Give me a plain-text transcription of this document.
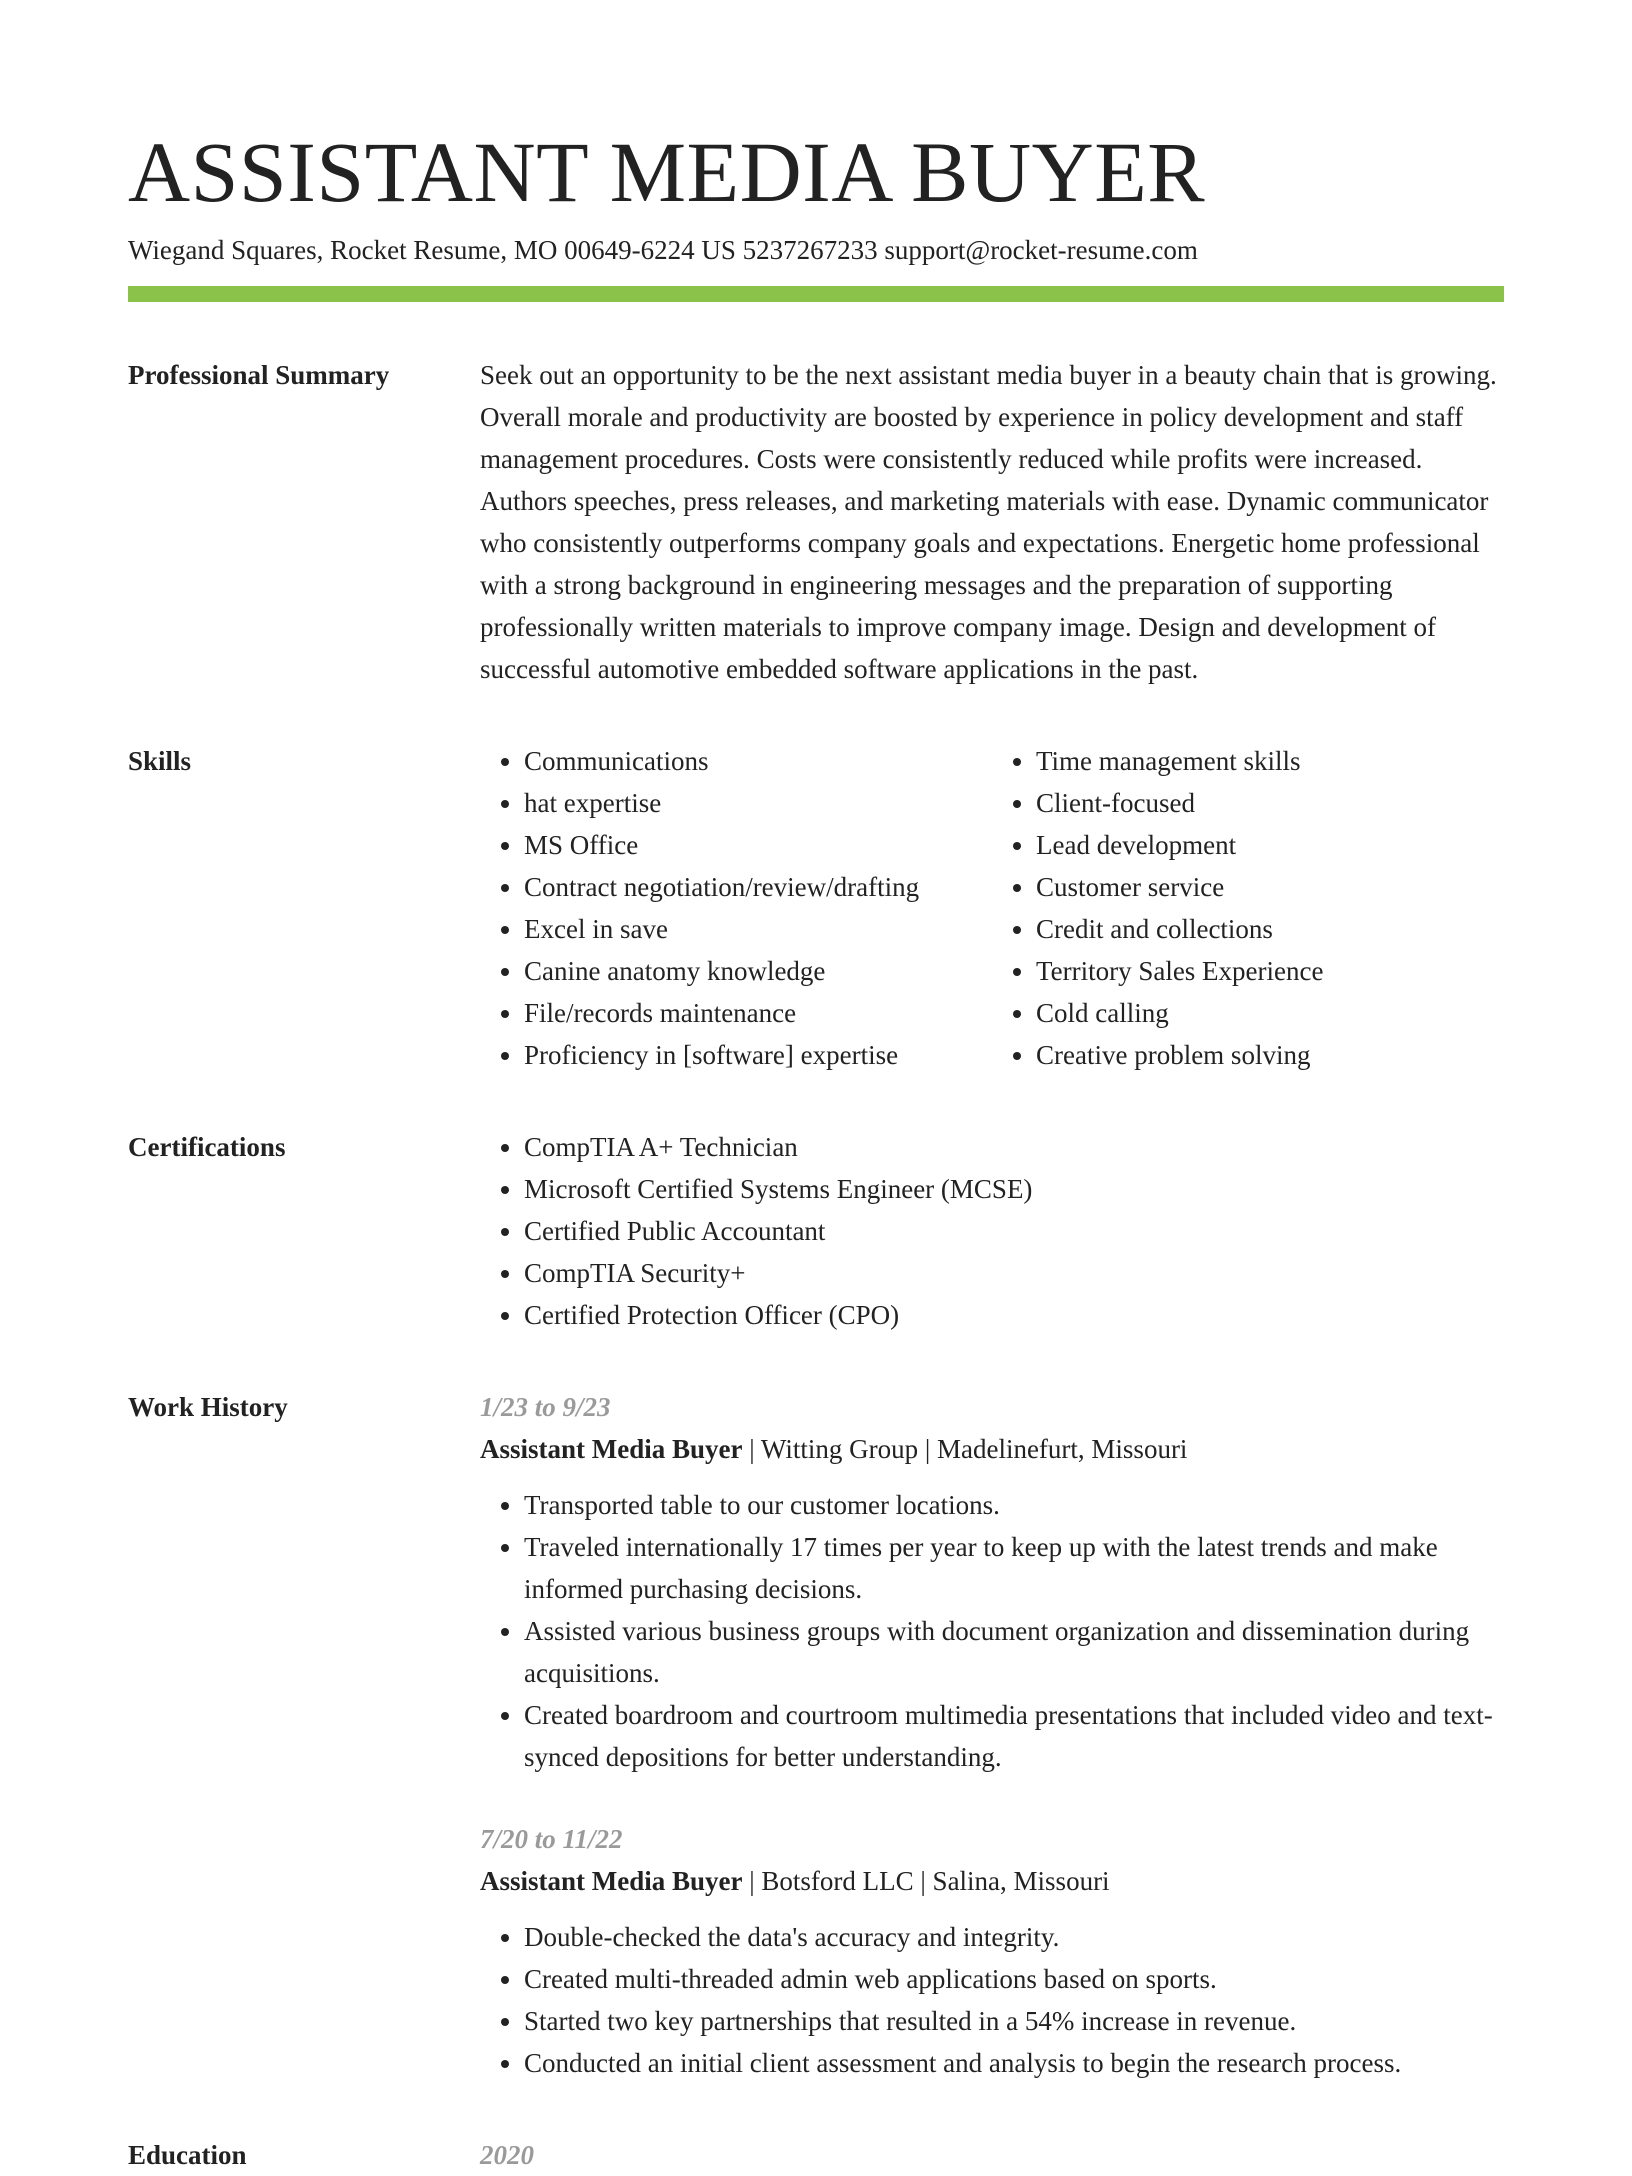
ASSISTANT MEDIA BUYER
Wiegand Squares, Rocket Resume, MO 00649-6224 US 5237267233 support@rocket-resume.com
Professional Summary	Seek out an opportunity to be the next assistant media buyer in a beauty chain that is growing. Overall morale and productivity are boosted by experience in policy development and staff management procedures. Costs were consistently reduced while profits were increased. Authors speeches, press releases, and marketing materials with ease. Dynamic communicator who consistently outperforms company goals and expectations. Energetic home professional with a strong background in engineering messages and the preparation of supporting professionally written materials to improve company image. Design and development of successful automotive embedded software applications in the past.

Skills	• Communications
• hat expertise
• MS Office
• Contract negotiation/review/drafting
• Excel in save
• Canine anatomy knowledge
• File/records maintenance
• Proficiency in [software] expertise
• Time management skills
• Client-focused
• Lead development
• Customer service
• Credit and collections
• Territory Sales Experience
• Cold calling
• Creative problem solving
Certifications	• CompTIA A+ Technician
• Microsoft Certified Systems Engineer (MCSE)
• Certified Public Accountant
• CompTIA Security+
• Certified Protection Officer (CPO)
Work History	1/23 to 9/23
Assistant Media Buyer | Witting Group | Madelinefurt, Missouri
• Transported table to our customer locations.
• Traveled internationally 17 times per year to keep up with the latest trends and make informed purchasing decisions.
• Assisted various business groups with document organization and dissemination during acquisitions.
• Created boardroom and courtroom multimedia presentations that included video and text-synced depositions for better understanding.
7/20 to 11/22
Assistant Media Buyer | Botsford LLC | Salina, Missouri
• Double-checked the data's accuracy and integrity.
• Created multi-threaded admin web applications based on sports.
• Started two key partnerships that resulted in a 54% increase in revenue.
• Conducted an initial client assessment and analysis to begin the research process.
Education	2020
